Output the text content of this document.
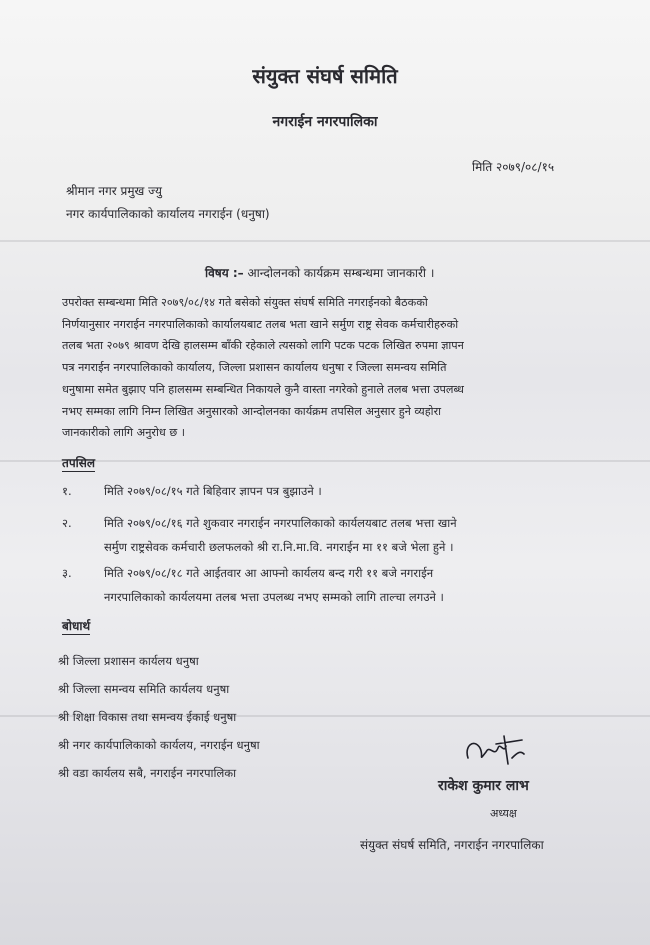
संयुक्त संघर्ष समिति
नगराईन नगरपालिका
मिति २०७९/०८/१५
श्रीमान नगर प्रमुख ज्यु
नगर कार्यपालिकाको कार्यालय नगराईन (धनुषा)
विषय :– आन्दोलनको कार्यक्रम सम्बन्धमा जानकारी ।
उपरोक्त सम्बन्धमा मिति २०७९/०८/१४ गते बसेको संयुक्त संघर्ष समिति नगराईनको बैठकको
निर्णयानुसार नगराईन नगरपालिकाको कार्यालयबाट तलब भता खाने सर्मुण राष्ट्र सेवक कर्मचारीहरुको
तलब भता २०७९ श्रावण देखि हालसम्म बाँकी रहेकाले त्यसको लागि पटक पटक लिखित रुपमा ज्ञापन
पत्र नगराईन नगरपालिकाको कार्यालय, जिल्ला प्रशासन कार्यालय धनुषा र जिल्ला समन्वय समिति
धनुषामा समेत बुझाए पनि हालसम्म सम्बन्धित निकायले कुनै वास्ता नगरेको हुनाले तलब भत्ता उपलब्ध
नभए सम्मका लागि निम्न लिखित अनुसारको आन्दोलनका कार्यक्रम तपसिल अनुसार हुने व्यहोरा
जानकारीको लागि अनुरोध छ ।
तपसिल
१.	मिति २०७९/०८/१५ गते बिहिवार ज्ञापन पत्र बुझाउने ।
२.	मिति २०७९/०८/१६ गते शुकवार नगराईन नगरपालिकाको कार्यलयबाट तलब भत्ता खाने
सर्मुण राष्ट्रसेवक कर्मचारी छलफलको श्री रा.नि.मा.वि. नगराईन मा ११ बजे भेला हुने ।
३.	मिति २०७९/०८/१८ गते आईतवार आ आफ्नो कार्यलय बन्द गरी ११ बजे नगराईन
नगरपालिकाको कार्यलयमा तलब भत्ता उपलब्ध नभए सम्मको लागि ताल्चा लगउने ।
बोधार्थ
श्री जिल्ला प्रशासन कार्यलय धनुषा
श्री जिल्ला समन्वय समिति कार्यलय धनुषा
श्री शिक्षा विकास तथा समन्वय ईकाई धनुषा
श्री नगर कार्यपालिकाको कार्यलय, नगराईन धनुषा
श्री वडा कार्यलय सबै, नगराईन नगरपालिका
राकेश कुमार लाभ
अध्यक्ष
संयुक्त संघर्ष समिति, नगराईन नगरपालिका
